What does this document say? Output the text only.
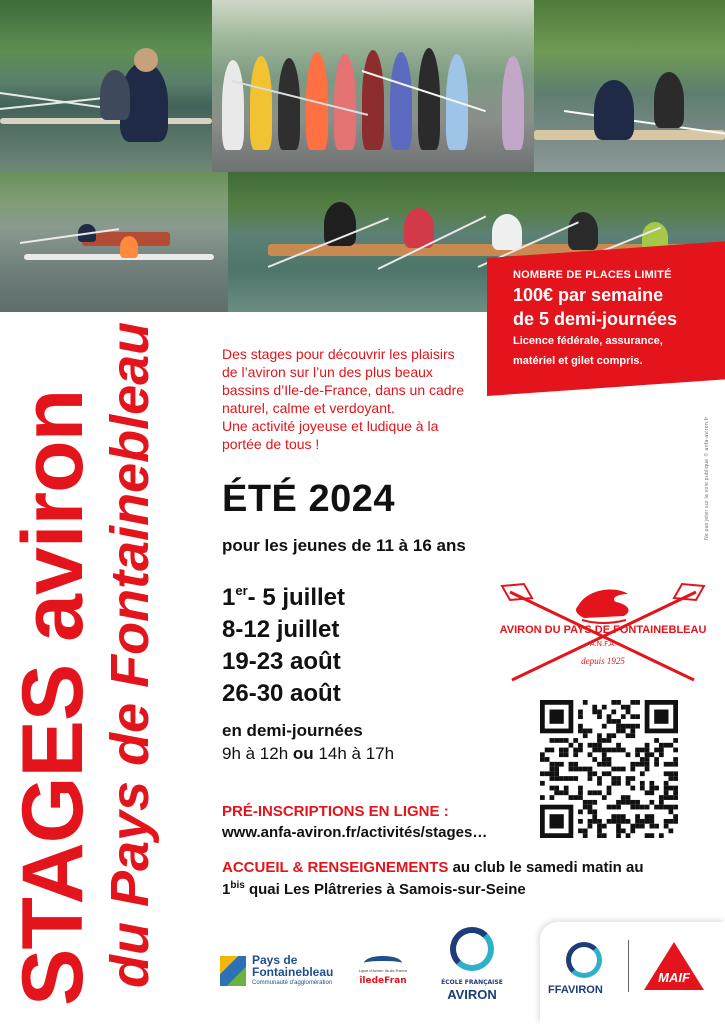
NOMBRE DE PLACES LIMITÉ
100€ par semaine
de 5 demi-journées
Licence fédérale, assurance,
matériel et gilet compris.
STAGES aviron du Pays de Fontainebleau	Des stages pour découvrir les plaisirs
de l’aviron sur l’un des plus beaux
bassins d’Ile-de-France, dans un cadre
naturel, calme et verdoyant.
Une activité joyeuse et ludique à la
portée de tous !	Ne pas jeter sur la voie publique © anfa-aviron.fr
ÉTÉ 2024
pour les jeunes de 11 à 16 ans
1er- 5 juillet
8-12 juillet
19-23 août
26-30 août
en demi-journées
9h à 12h ou 14h à 17h
PRÉ-INSCRIPTIONS EN LIGNE :
www.anfa-aviron.fr/activités/stages…
ACCUEIL & RENSEIGNEMENTS au club le samedi matin au
$1^{bis}$ quai Les Plâtreries à Samois-sur-Seine
AVIRON DU PAYS DE FONTAINEBLEAU
A.N.F.A.
depuis 1925
Pays de
Fontainebleau
Communauté d'agglomération
Ligue d'Aviron Ile-de-France
îledeFran	ÉCOLE FRANÇAISE
AVIRON	FFAVIRON
MAIF
